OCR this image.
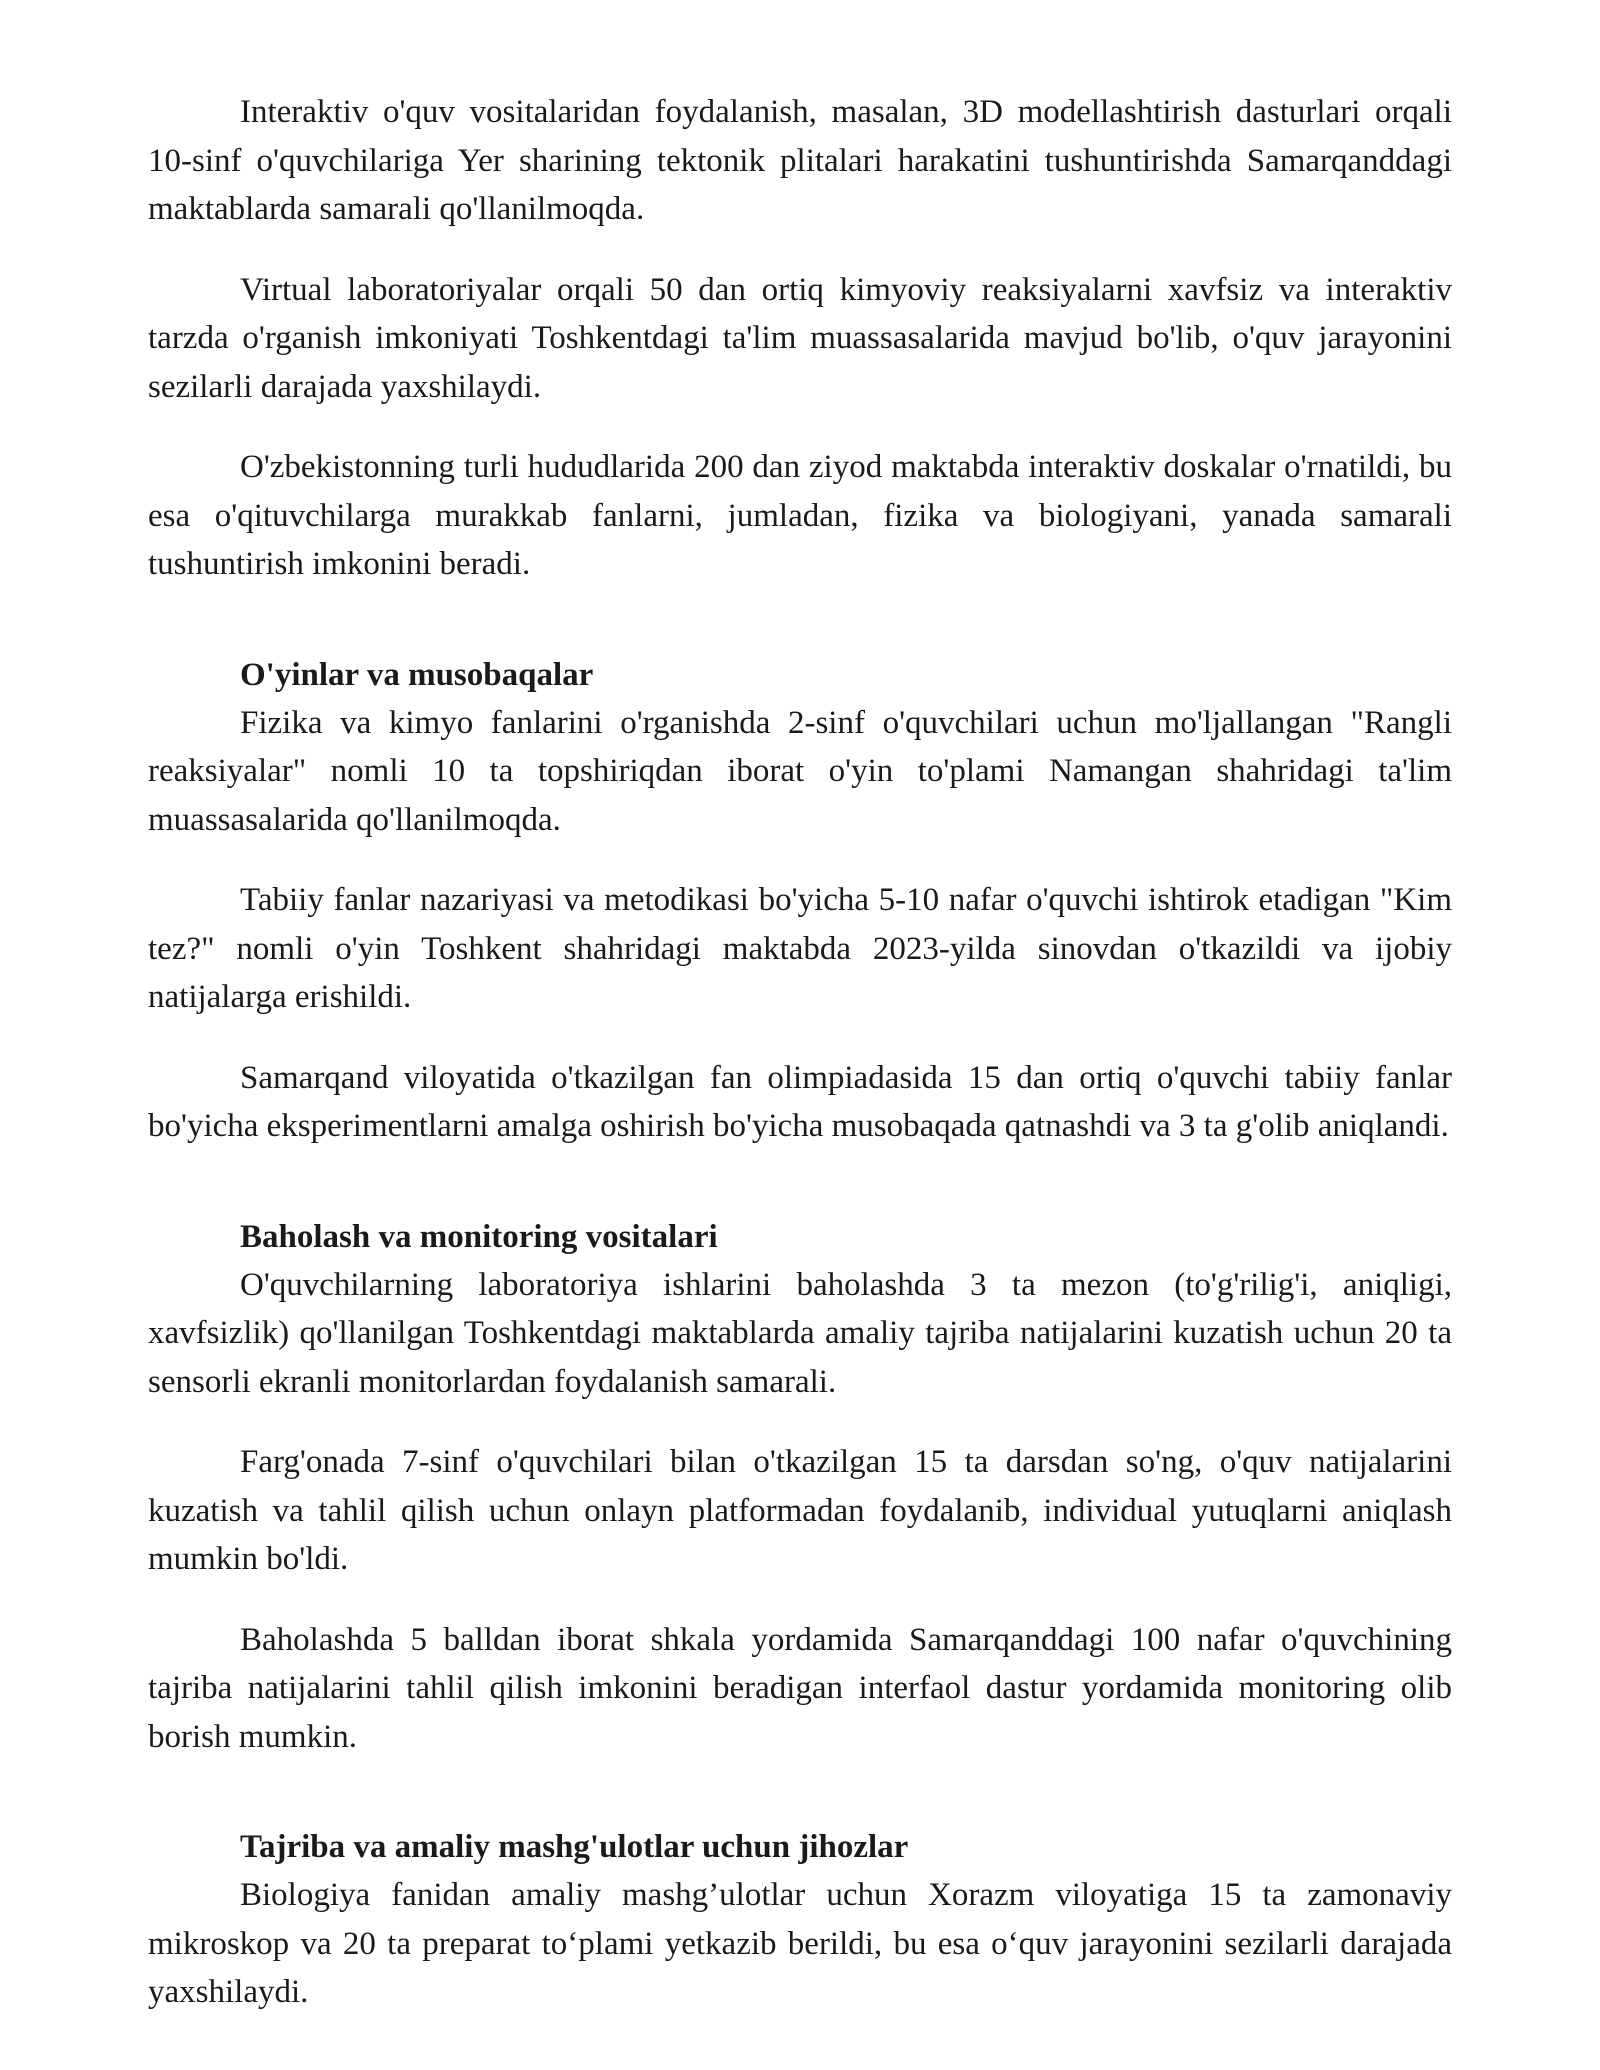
Interaktiv o'quv vositalaridan foydalanish, masalan, 3D modellashtirish dasturlari orqali 10-sinf o'quvchilariga Yer sharining tektonik plitalari harakatini tushuntirishda Samarqanddagi maktablarda samarali qo'llanilmoqda.

Virtual laboratoriyalar orqali 50 dan ortiq kimyoviy reaksiyalarni xavfsiz va interaktiv tarzda o'rganish imkoniyati Toshkentdagi ta'lim muassasalarida mavjud bo'lib, o'quv jarayonini sezilarli darajada yaxshilaydi.

O'zbekistonning turli hududlarida 200 dan ziyod maktabda interaktiv doskalar o'rnatildi, bu esa o'qituvchilarga murakkab fanlarni, jumladan, fizika va biologiyani, yanada samarali tushuntirish imkonini beradi.

O'yinlar va musobaqalar

Fizika va kimyo fanlarini o'rganishda 2-sinf o'quvchilari uchun mo'ljallangan "Rangli reaksiyalar" nomli 10 ta topshiriqdan iborat o'yin to'plami Namangan shahridagi ta'lim muassasalarida qo'llanilmoqda.

Tabiiy fanlar nazariyasi va metodikasi bo'yicha 5-10 nafar o'quvchi ishtirok etadigan "Kim tez?" nomli o'yin Toshkent shahridagi maktabda 2023-yilda sinovdan o'tkazildi va ijobiy natijalarga erishildi.

Samarqand viloyatida o'tkazilgan fan olimpiadasida 15 dan ortiq o'quvchi tabiiy fanlar bo'yicha eksperimentlarni amalga oshirish bo'yicha musobaqada qatnashdi va 3 ta g'olib aniqlandi.

Baholash va monitoring vositalari

O'quvchilarning laboratoriya ishlarini baholashda 3 ta mezon (to'g'rilig'i, aniqligi, xavfsizlik) qo'llanilgan Toshkentdagi maktablarda amaliy tajriba natijalarini kuzatish uchun 20 ta sensorli ekranli monitorlardan foydalanish samarali.

Farg'onada 7-sinf o'quvchilari bilan o'tkazilgan 15 ta darsdan so'ng, o'quv natijalarini kuzatish va tahlil qilish uchun onlayn platformadan foydalanib, individual yutuqlarni aniqlash mumkin bo'ldi.

Baholashda 5 balldan iborat shkala yordamida Samarqanddagi 100 nafar o'quvchining tajriba natijalarini tahlil qilish imkonini beradigan interfaol dastur yordamida monitoring olib borish mumkin.

Tajriba va amaliy mashg'ulotlar uchun jihozlar

Biologiya fanidan amaliy mashg’ulotlar uchun Xorazm viloyatiga 15 ta zamonaviy mikroskop va 20 ta preparat to‘plami yetkazib berildi, bu esa o‘quv jarayonini sezilarli darajada yaxshilaydi.
